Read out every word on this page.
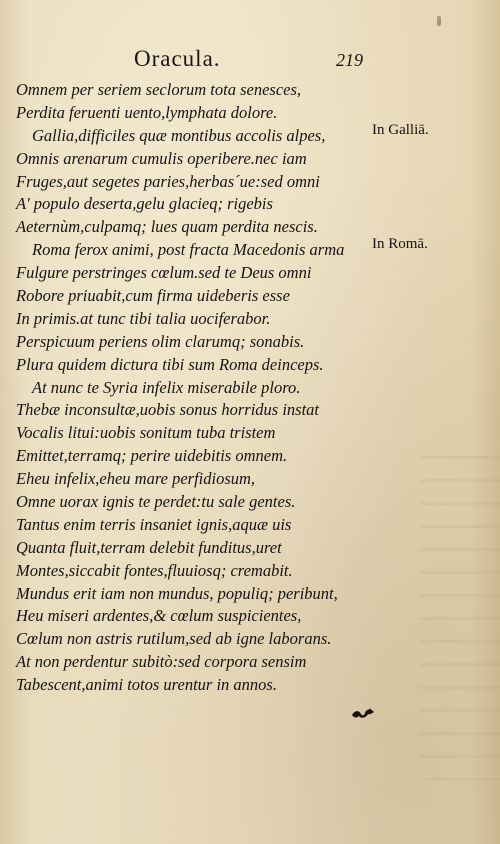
Oracula.	219
Omnem per seriem seclorum tota senesces,
Perdita feruenti uento,lymphata dolore.
Gallia,difficiles quæ montibus accolis alpes,
Omnis arenarum cumulis operibere.nec iam
Fruges,aut segetes paries,herbas´ue:sed omni
A' populo deserta,gelu glacieq; rigebis
Aeternùm,culpamq; lues quam perdita nescis.
Roma ferox animi, post fracta Macedonis arma
Fulgure perstringes cœlum.sed te Deus omni
Robore priuabit,cum firma uideberis esse
In primis.at tunc tibi talia uociferabor.
Perspicuum periens olim clarumq; sonabis.
Plura quidem dictura tibi sum Roma deinceps.
At nunc te Syria infelix miserabile ploro.
Thebæ inconsultæ,uobis sonus horridus instat
Vocalis litui:uobis sonitum tuba tristem
Emittet,terramq; perire uidebitis omnem.
Eheu infelix,eheu mare perfidiosum,
Omne uorax ignis te perdet:tu sale gentes.
Tantus enim terris insaniet ignis,aquæ uis
Quanta fluit,terram delebit funditus,uret
Montes,siccabit fontes,fluuiosq; cremabit.
Mundus erit iam non mundus, populiq; peribunt,
Heu miseri ardentes,& cœlum suspicientes,
Cœlum non astris rutilum,sed ab igne laborans.
At non perdentur subitò:sed corpora sensim
Tabescent,animi totos urentur in annos.
In Galliā.
In Romā.
